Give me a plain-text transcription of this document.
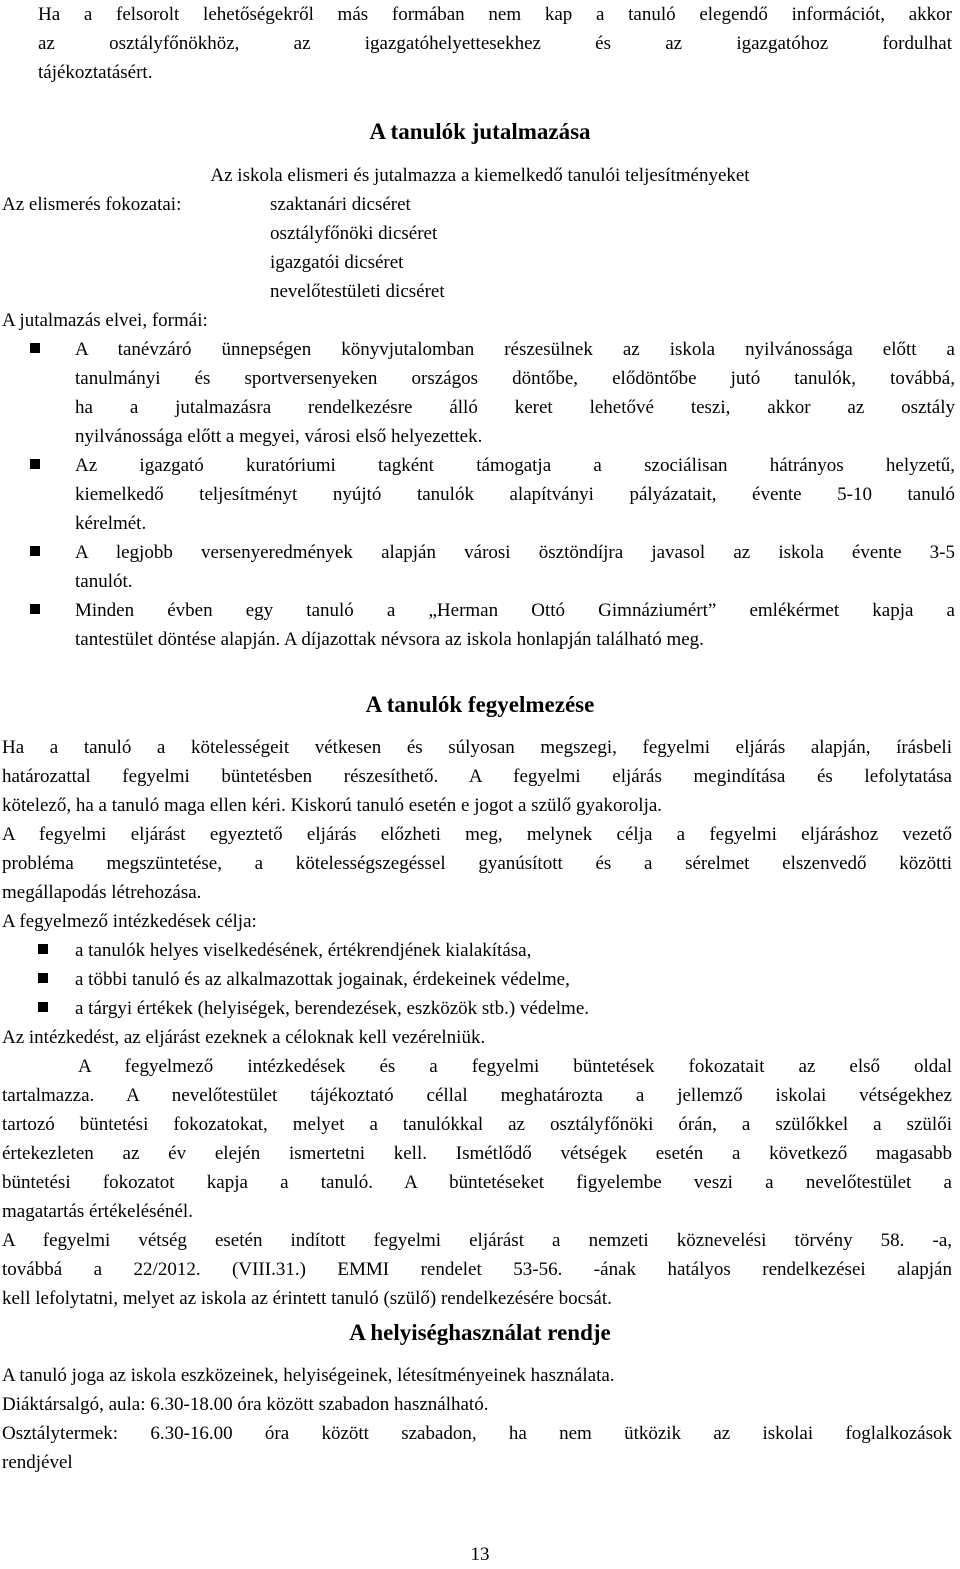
Ha a felsorolt lehetőségekről más formában nem kap a tanuló elegendő információt, akkor
az osztályfőnökhöz, az igazgatóhelyettesekhez és az igazgatóhoz fordulhat
tájékoztatásért.
A tanulók jutalmazása
Az iskola elismeri és jutalmazza a kiemelkedő tanulói teljesítményeket
Az elismerés fokozatai:	szaktanári dicséret
osztályfőnöki dicséret
igazgatói dicséret
nevelőtestületi dicséret
A jutalmazás elvei, formái:
A tanévzáró ünnepségen könyvjutalomban részesülnek az iskola nyilvánossága előtt a
tanulmányi és sportversenyeken országos döntőbe, elődöntőbe jutó tanulók, továbbá,
ha a jutalmazásra rendelkezésre álló keret lehetővé teszi, akkor az osztály
nyilvánossága előtt a megyei, városi első helyezettek.
Az igazgató kuratóriumi tagként támogatja a szociálisan hátrányos helyzetű,
kiemelkedő teljesítményt nyújtó tanulók alapítványi pályázatait, évente 5-10 tanuló
kérelmét.
A legjobb versenyeredmények alapján városi ösztöndíjra javasol az iskola évente 3-5
tanulót.
Minden évben egy tanuló a „Herman Ottó Gimnáziumért” emlékérmet kapja a
tantestület döntése alapján. A díjazottak névsora az iskola honlapján található meg.
A tanulók fegyelmezése
Ha a tanuló a kötelességeit vétkesen és súlyosan megszegi, fegyelmi eljárás alapján, írásbeli
határozattal fegyelmi büntetésben részesíthető. A fegyelmi eljárás megindítása és lefolytatása
kötelező, ha a tanuló maga ellen kéri. Kiskorú tanuló esetén e jogot a szülő gyakorolja.
A fegyelmi eljárást egyeztető eljárás előzheti meg, melynek célja a fegyelmi eljáráshoz vezető
probléma megszüntetése, a kötelességszegéssel gyanúsított és a sérelmet elszenvedő közötti
megállapodás létrehozása.
A fegyelmező intézkedések célja:
a tanulók helyes viselkedésének, értékrendjének kialakítása,
a többi tanuló és az alkalmazottak jogainak, érdekeinek védelme,
a tárgyi értékek (helyiségek, berendezések, eszközök stb.) védelme.
Az intézkedést, az eljárást ezeknek a céloknak kell vezérelniük.
A fegyelmező intézkedések és a fegyelmi büntetések fokozatait az első oldal
tartalmazza. A nevelőtestület tájékoztató céllal meghatározta a jellemző iskolai vétségekhez
tartozó büntetési fokozatokat, melyet a tanulókkal az osztályfőnöki órán, a szülőkkel a szülői
értekezleten az év elején ismertetni kell. Ismétlődő vétségek esetén a következő magasabb
büntetési fokozatot kapja a tanuló. A büntetéseket figyelembe veszi a nevelőtestület a
magatartás értékelésénél.
A fegyelmi vétség esetén indított fegyelmi eljárást a nemzeti köznevelési törvény 58. -a,
továbbá a 22/2012. (VIII.31.) EMMI rendelet 53-56. -ának hatályos rendelkezései alapján
kell lefolytatni, melyet az iskola az érintett tanuló (szülő) rendelkezésére bocsát.
A helyiséghasználat rendje
A tanuló joga az iskola eszközeinek, helyiségeinek, létesítményeinek használata.
Diáktársalgó, aula: 6.30-18.00 óra között szabadon használható.
Osztálytermek: 6.30-16.00 óra között szabadon, ha nem ütközik az iskolai foglalkozások
rendjével
13
